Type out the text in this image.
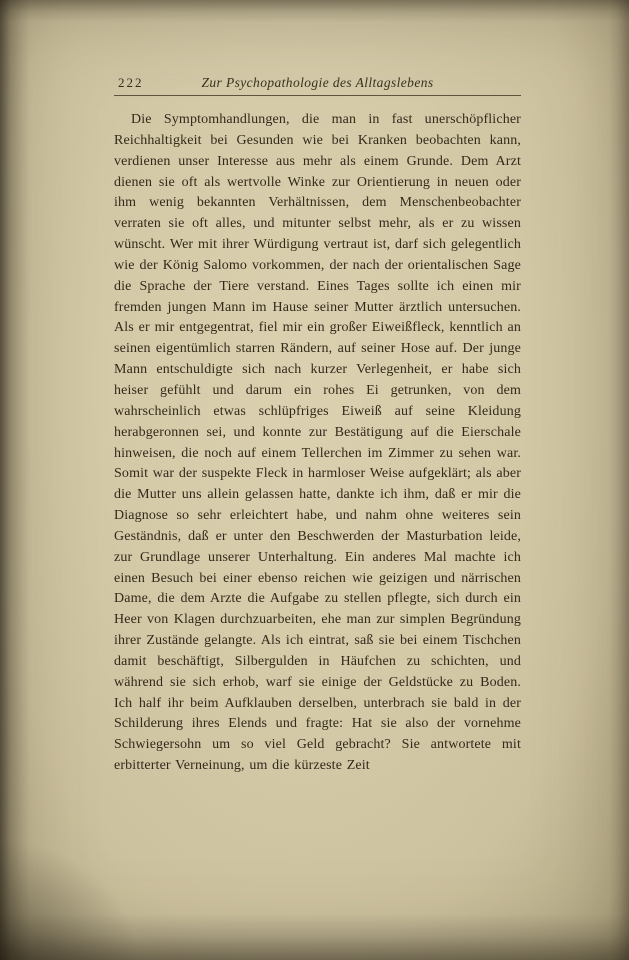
222	Zur Psychopathologie des Alltagslebens

Die Symptomhandlungen, die man in fast unerschöpflicher Reichhaltigkeit bei Gesunden wie bei Kranken beobachten kann, verdienen unser Interesse aus mehr als einem Grunde. Dem Arzt dienen sie oft als wertvolle Winke zur Orientierung in neuen oder ihm wenig bekannten Verhältnissen, dem Menschenbeobachter verraten sie oft alles, und mitunter selbst mehr, als er zu wissen wünscht. Wer mit ihrer Würdigung vertraut ist, darf sich gelegentlich wie der König Salomo vorkommen, der nach der orientalischen Sage die Sprache der Tiere verstand. Eines Tages sollte ich einen mir fremden jungen Mann im Hause seiner Mutter ärztlich untersuchen. Als er mir entgegentrat, fiel mir ein großer Eiweißfleck, kenntlich an seinen eigentümlich starren Rändern, auf seiner Hose auf. Der junge Mann entschuldigte sich nach kurzer Verlegenheit, er habe sich heiser gefühlt und darum ein rohes Ei getrunken, von dem wahrscheinlich etwas schlüpfriges Eiweiß auf seine Kleidung herabgeronnen sei, und konnte zur Bestätigung auf die Eierschale hinweisen, die noch auf einem Tellerchen im Zimmer zu sehen war. Somit war der suspekte Fleck in harmloser Weise aufgeklärt; als aber die Mutter uns allein gelassen hatte, dankte ich ihm, daß er mir die Diagnose so sehr erleichtert habe, und nahm ohne weiteres sein Geständnis, daß er unter den Beschwerden der Masturbation leide, zur Grundlage unserer Unterhaltung. Ein anderes Mal machte ich einen Besuch bei einer ebenso reichen wie geizigen und närrischen Dame, die dem Arzte die Aufgabe zu stellen pflegte, sich durch ein Heer von Klagen durchzuarbeiten, ehe man zur simplen Begründung ihrer Zustände gelangte. Als ich eintrat, saß sie bei einem Tischchen damit beschäftigt, Silbergulden in Häufchen zu schichten, und während sie sich erhob, warf sie einige der Geldstücke zu Boden. Ich half ihr beim Aufklauben derselben, unterbrach sie bald in der Schilderung ihres Elends und fragte: Hat sie also der vornehme Schwiegersohn um so viel Geld gebracht? Sie antwortete mit erbitterter Verneinung, um die kürzeste Zeit
